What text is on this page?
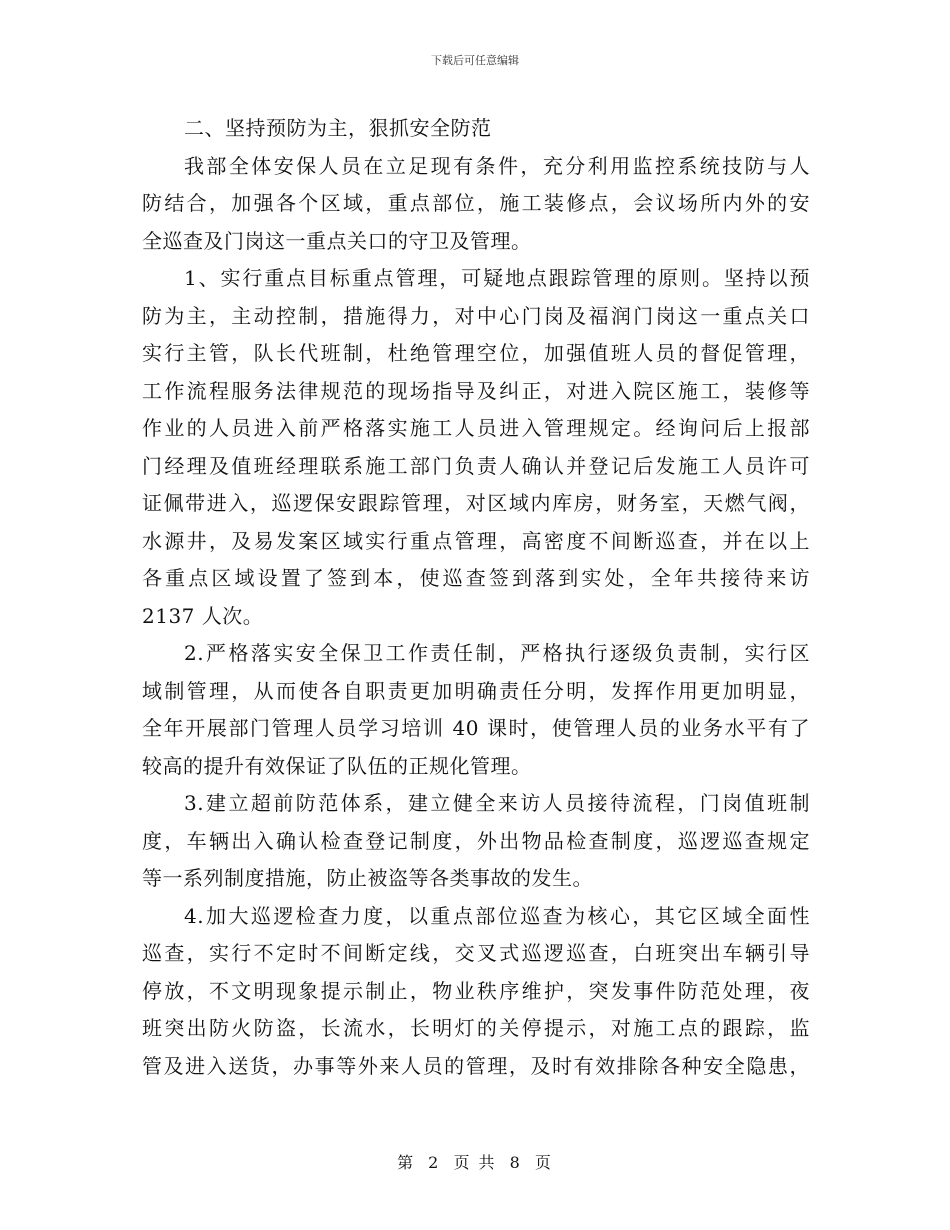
下载后可任意编辑
二、坚持预防为主，狠抓安全防范
我部全体安保人员在立足现有条件，充分利用监控系统技防与人
防结合，加强各个区域，重点部位，施工装修点，会议场所内外的安
全巡查及门岗这一重点关口的守卫及管理。
1、实行重点目标重点管理，可疑地点跟踪管理的原则。坚持以预
防为主，主动控制，措施得力，对中心门岗及福润门岗这一重点关口
实行主管，队长代班制，杜绝管理空位，加强值班人员的督促管理，
工作流程服务法律规范的现场指导及纠正，对进入院区施工，装修等
作业的人员进入前严格落实施工人员进入管理规定。经询问后上报部
门经理及值班经理联系施工部门负责人确认并登记后发施工人员许可
证佩带进入，巡逻保安跟踪管理，对区域内库房，财务室，天燃气阀，
水源井，及易发案区域实行重点管理，高密度不间断巡查，并在以上
各重点区域设置了签到本，使巡查签到落到实处，全年共接待来访
2137 人次。
2.严格落实安全保卫工作责任制，严格执行逐级负责制，实行区
域制管理，从而使各自职责更加明确责任分明，发挥作用更加明显，
全年开展部门管理人员学习培训 40 课时，使管理人员的业务水平有了
较高的提升有效保证了队伍的正规化管理。
3.建立超前防范体系，建立健全来访人员接待流程，门岗值班制
度，车辆出入确认检查登记制度，外出物品检查制度，巡逻巡查规定
等一系列制度措施，防止被盗等各类事故的发生。
4.加大巡逻检查力度，以重点部位巡查为核心，其它区域全面性
巡查，实行不定时不间断定线，交叉式巡逻巡查，白班突出车辆引导
停放，不文明现象提示制止，物业秩序维护，突发事件防范处理，夜
班突出防火防盗，长流水，长明灯的关停提示，对施工点的跟踪，监
管及进入送货，办事等外来人员的管理，及时有效排除各种安全隐患，
第 2 页 共 8 页
